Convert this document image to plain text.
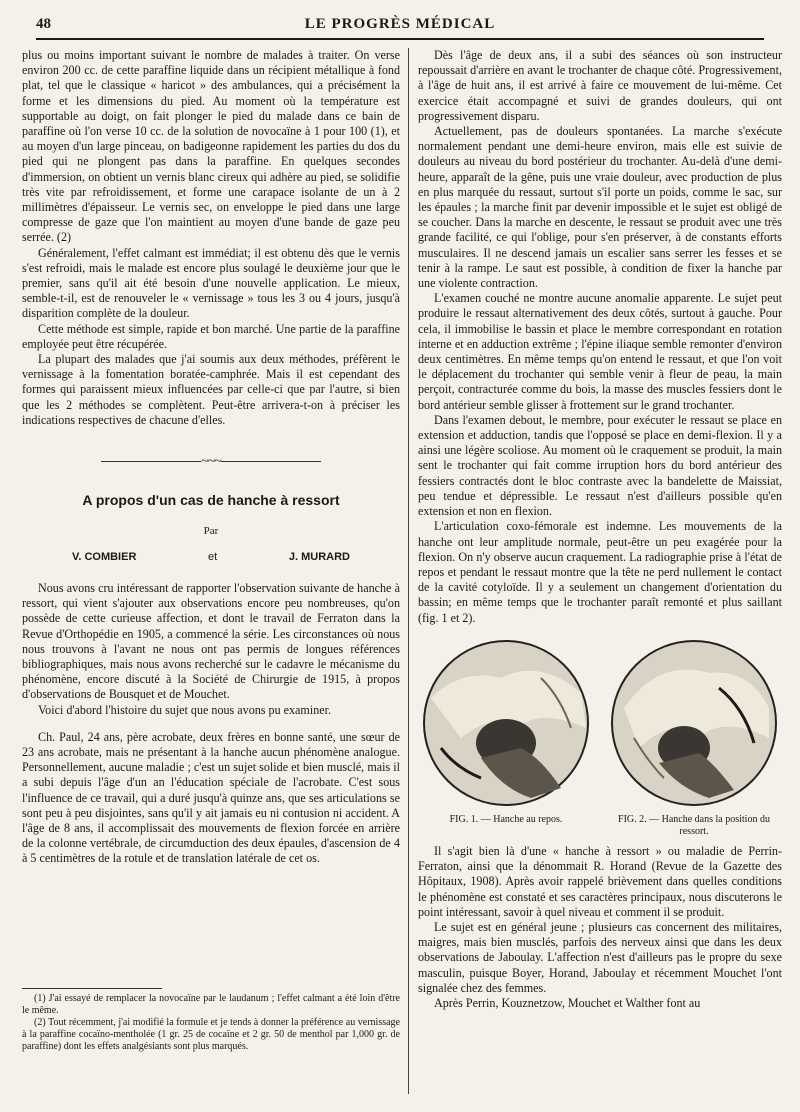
48	LE PROGRÈS MÉDICAL

plus ou moins important suivant le nombre de malades à traiter. On verse environ 200 cc. de cette paraffine liquide dans un récipient métallique à fond plat, tel que le classique « haricot » des ambulances, qui a précisément la forme et les dimensions du pied. Au moment où la température est supportable au doigt, on fait plonger le pied du malade dans ce bain de paraffine où l'on verse 10 cc. de la solution de novocaïne à 1 pour 100 (1), et au moyen d'un large pinceau, on badigeonne rapidement les parties du dos du pied qui ne plongent pas dans la paraffine. En quelques secondes d'immersion, on obtient un vernis blanc cireux qui adhère au pied, se solidifie très vite par refroidissement, et forme une carapace isolante de un à 2 millimètres d'épaisseur. Le vernis sec, on enveloppe le pied dans une large compresse de gaze que l'on maintient au moyen d'une bande de gaze peu serrée. (2)

Généralement, l'effet calmant est immédiat; il est obtenu dès que le vernis s'est refroidi, mais le malade est encore plus soulagé le deuxième jour que le premier, sans qu'il ait été besoin d'une nouvelle application. Le mieux, semble-t-il, est de renouveler le « vernissage » tous les 3 ou 4 jours, jusqu'à disparition complète de la douleur.

Cette méthode est simple, rapide et bon marché. Une partie de la paraffine employée peut être récupérée.

La plupart des malades que j'ai soumis aux deux méthodes, préfèrent le vernissage à la fomentation boratée-camphrée. Mais il est cependant des formes qui paraissent mieux influencées par celle-ci que par l'autre, si bien que les 2 méthodes se complètent. Peut-être arrivera-t-on à préciser les indications respectives de chacune d'elles.

~~~
A propos d'un cas de hanche à ressort
Par
V. COMBIER	et	J. MURARD

Nous avons cru intéressant de rapporter l'observation suivante de hanche à ressort, qui vient s'ajouter aux observations encore peu nombreuses, qu'on possède de cette curieuse affection, et dont le travail de Ferraton dans la Revue d'Orthopédie en 1905, a commencé la série. Les circonstances où nous nous trouvons à l'avant ne nous ont pas permis de longues références bibliographiques, mais nous avons recherché sur le cadavre le mécanisme du phénomène, encore discuté à la Société de Chirurgie de 1915, à propos d'observations de Bousquet et de Mouchet.

Voici d'abord l'histoire du sujet que nous avons pu examiner.

Ch. Paul, 24 ans, père acrobate, deux frères en bonne santé, une sœur de 23 ans acrobate, mais ne présentant à la hanche aucun phénomène analogue. Personnellement, aucune maladie ; c'est un sujet solide et bien musclé, mais il a subi depuis l'âge d'un an l'éducation spéciale de l'acrobate. C'est sous l'influence de ce travail, qui a duré jusqu'à quinze ans, que ses articulations se sont peu à peu disjointes, sans qu'il y ait jamais eu ni contusion ni accident. A l'âge de 8 ans, il accomplissait des mouvements de flexion forcée en arrière de la colonne vertébrale, de circumduction des deux épaules, d'ascension de 4 à 5 centimètres de la rotule et de translation latérale de cet os.

(1) J'ai essayé de remplacer la novocaïne par le laudanum ; l'effet calmant a été loin d'être le même.

(2) Tout récemment, j'ai modifié la formule et je tends à donner la préférence au vernissage à la paraffine cocaïno-mentholée (1 gr. 25 de cocaïne et 2 gr. 50 de menthol par 1,000 gr. de paraffine) dont les effets analgésiants sont plus marqués.

Dès l'âge de deux ans, il a subi des séances où son instructeur repoussait d'arrière en avant le trochanter de chaque côté. Progressivement, à l'âge de huit ans, il est arrivé à faire ce mouvement de lui-même. Cet exercice était accompagné et suivi de grandes douleurs, qui ont progressivement disparu.

Actuellement, pas de douleurs spontanées. La marche s'exécute normalement pendant une demi-heure environ, mais elle est suivie de douleurs au niveau du bord postérieur du trochanter. Au-delà d'une demi-heure, apparaît de la gêne, puis une vraie douleur, avec production de plus en plus marquée du ressaut, surtout s'il porte un poids, comme le sac, sur les épaules ; la marche finit par devenir impossible et le sujet est obligé de se coucher. Dans la marche en descente, le ressaut se produit avec une très grande facilité, ce qui l'oblige, pour s'en préserver, à de constants efforts musculaires. Il ne descend jamais un escalier sans serrer les fesses et se tenir à la rampe. Le saut est possible, à condition de fixer la hanche par une violente contraction.

L'examen couché ne montre aucune anomalie apparente. Le sujet peut produire le ressaut alternativement des deux côtés, surtout à gauche. Pour cela, il immobilise le bassin et place le membre correspondant en rotation interne et en adduction extrême ; l'épine iliaque semble remonter d'environ deux centimètres. En même temps qu'on entend le ressaut, et que l'on voit le déplacement du trochanter qui semble venir à fleur de peau, la main perçoit, contracturée comme du bois, la masse des muscles fessiers dont le bord antérieur semble glisser à frottement sur le grand trochanter.

Dans l'examen debout, le membre, pour exécuter le ressaut se place en extension et adduction, tandis que l'opposé se place en demi-flexion. Il y a ainsi une légère scoliose. Au moment où le craquement se produit, la main sent le trochanter qui fait comme irruption hors du bord antérieur des fessiers contractés dont le bloc contraste avec la bandelette de Maissiat, peu tendue et dépressible. Le ressaut n'est d'ailleurs possible qu'en extension et non en flexion.

L'articulation coxo-fémorale est indemne. Les mouvements de la hanche ont leur amplitude normale, peut-être un peu exagérée pour la flexion. On n'y observe aucun craquement. La radiographie prise à l'état de repos et pendant le ressaut montre que la tête ne perd nullement le contact de la cavité cotyloïde. Il y a seulement un changement d'orientation du bassin; en même temps que le trochanter paraît remonté et plus saillant (fig. 1 et 2).

FIG. 1. — Hanche au repos.	FIG. 2. — Hanche dans la position du ressort.

Il s'agit bien là d'une « hanche à ressort » ou maladie de Perrin-Ferraton, ainsi que la dénommait R. Horand (Revue de la Gazette des Hôpitaux, 1908). Après avoir rappelé brièvement dans quelles conditions le phénomène est constaté et ses caractères principaux, nous discuterons le point intéressant, savoir à quel niveau et comment il se produit.

Le sujet est en général jeune ; plusieurs cas concernent des militaires, maigres, mais bien musclés, parfois des nerveux ainsi que dans les deux observations de Jaboulay. L'affection n'est d'ailleurs pas le propre du sexe masculin, puisque Boyer, Horand, Jaboulay et récemment Mouchet l'ont signalée chez des femmes.

Après Perrin, Kouznetzow, Mouchet et Walther font au
